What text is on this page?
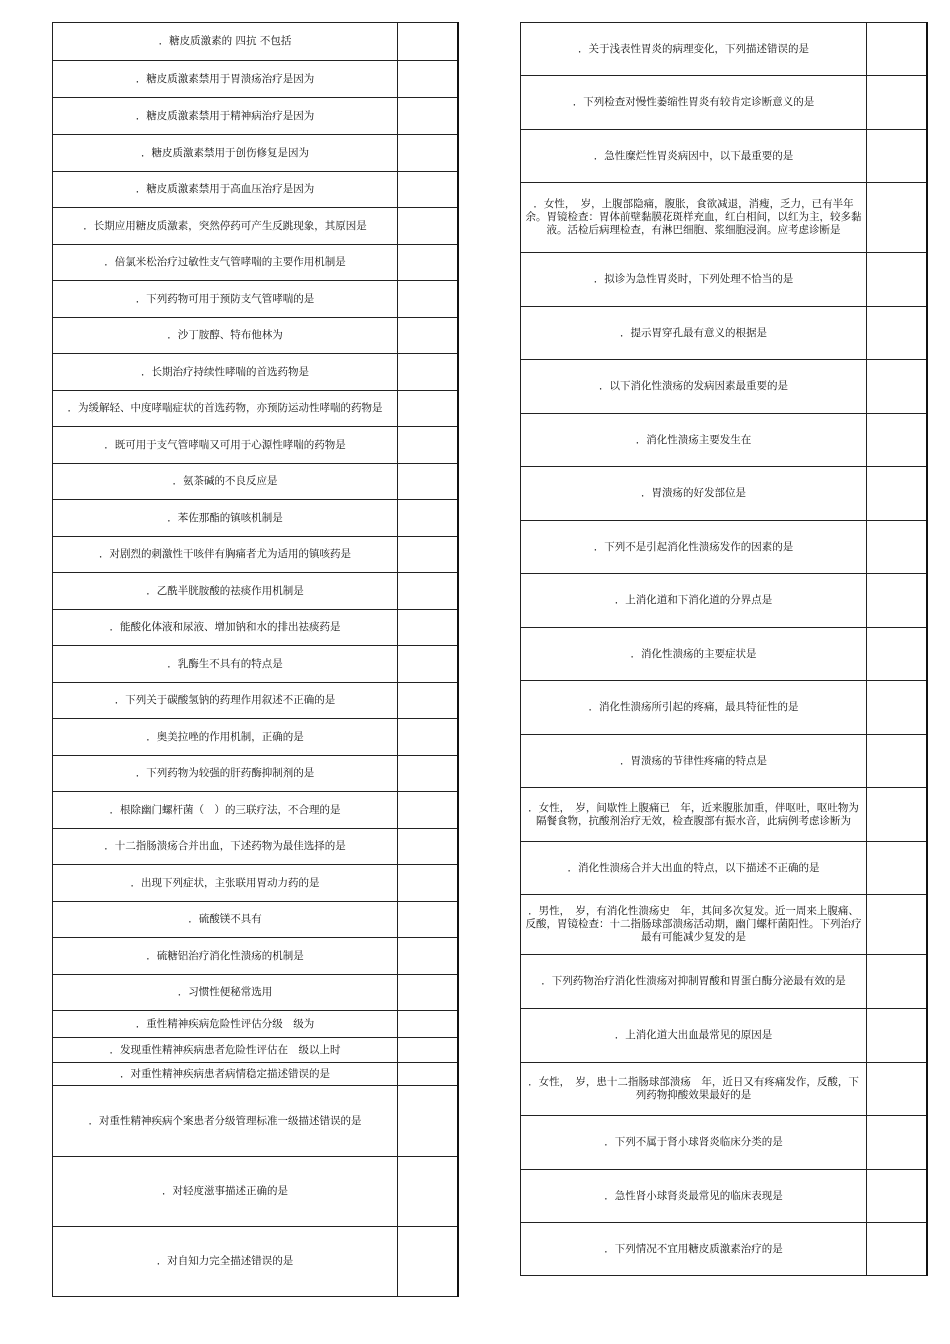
．糖皮质激素的 四抗 不包括	
．糖皮质激素禁用于胃溃疡治疗是因为	
．糖皮质激素禁用于精神病治疗是因为	
．糖皮质激素禁用于创伤修复是因为	
．糖皮质激素禁用于高血压治疗是因为	
．长期应用糖皮质激素，突然停药可产生反跳现象，其原因是	
．倍氯米松治疗过敏性支气管哮喘的主要作用机制是	
．下列药物可用于预防支气管哮喘的是	
．沙丁胺醇、特布他林为	
．长期治疗持续性哮喘的首选药物是	
．为缓解轻、中度哮喘症状的首选药物，亦预防运动性哮喘的药物是	
．既可用于支气管哮喘又可用于心源性哮喘的药物是	
．氨茶碱的不良反应是	
．苯佐那酯的镇咳机制是	
．对剧烈的刺激性干咳伴有胸痛者尤为适用的镇咳药是	
．乙酰半胱胺酸的祛痰作用机制是	
．能酸化体液和尿液、增加钠和水的排出祛痰药是	
．乳酶生不具有的特点是	
．下列关于碳酸氢钠的药理作用叙述不正确的是	
．奥美拉唑的作用机制，正确的是	
．下列药物为较强的肝药酶抑制剂的是	
．根除幽门螺杆菌（　）的三联疗法，不合理的是	
．十二指肠溃疡合并出血，下述药物为最佳选择的是	
．出现下列症状，主张联用胃动力药的是	
．硫酸镁不具有	
．硫糖铝治疗消化性溃疡的机制是	
．习惯性便秘常选用	
．重性精神疾病危险性评估分级　级为	
．发现重性精神疾病患者危险性评估在　级以上时	
．对重性精神疾病患者病情稳定描述错误的是	
．对重性精神疾病个案患者分级管理标准一级描述错误的是	
．对轻度滋事描述正确的是	
．对自知力完全描述错误的是	
．关于浅表性胃炎的病理变化，下列描述错误的是	
．下列检查对慢性萎缩性胃炎有较肯定诊断意义的是	
．急性糜烂性胃炎病因中，以下最重要的是	
．女性，　岁，上腹部隐痛，腹胀，食欲减退，消瘦，乏力，已有半年余。胃镜检查：胃体前壁黏膜花斑样充血，红白相间，以红为主，较多黏液。活检后病理检查，有淋巴细胞、浆细胞浸润。应考虑诊断是	
．拟诊为急性胃炎时，下列处理不恰当的是	
．提示胃穿孔最有意义的根据是	
．以下消化性溃疡的发病因素最重要的是	
．消化性溃疡主要发生在	
．胃溃疡的好发部位是	
．下列不是引起消化性溃疡发作的因素的是	
．上消化道和下消化道的分界点是	
．消化性溃疡的主要症状是	
．消化性溃疡所引起的疼痛，最具特征性的是	
．胃溃疡的节律性疼痛的特点是	
．女性，　岁，间歇性上腹痛已　年，近来腹胀加重，伴呕吐，呕吐物为隔餐食物，抗酸剂治疗无效，检查腹部有振水音，此病例考虑诊断为	
．消化性溃疡合并大出血的特点，以下描述不正确的是	
．男性，　岁，有消化性溃疡史　年，其间多次复发。近一周来上腹痛、反酸，胃镜检查：十二指肠球部溃疡活动期，幽门螺杆菌阳性。下列治疗最有可能减少复发的是	
．下列药物治疗消化性溃疡对抑制胃酸和胃蛋白酶分泌最有效的是	
．上消化道大出血最常见的原因是	
．女性，　岁，患十二指肠球部溃疡　年，近日又有疼痛发作，反酸，下列药物抑酸效果最好的是	
．下列不属于肾小球肾炎临床分类的是	
．急性肾小球肾炎最常见的临床表现是	
．下列情况不宜用糖皮质激素治疗的是	
